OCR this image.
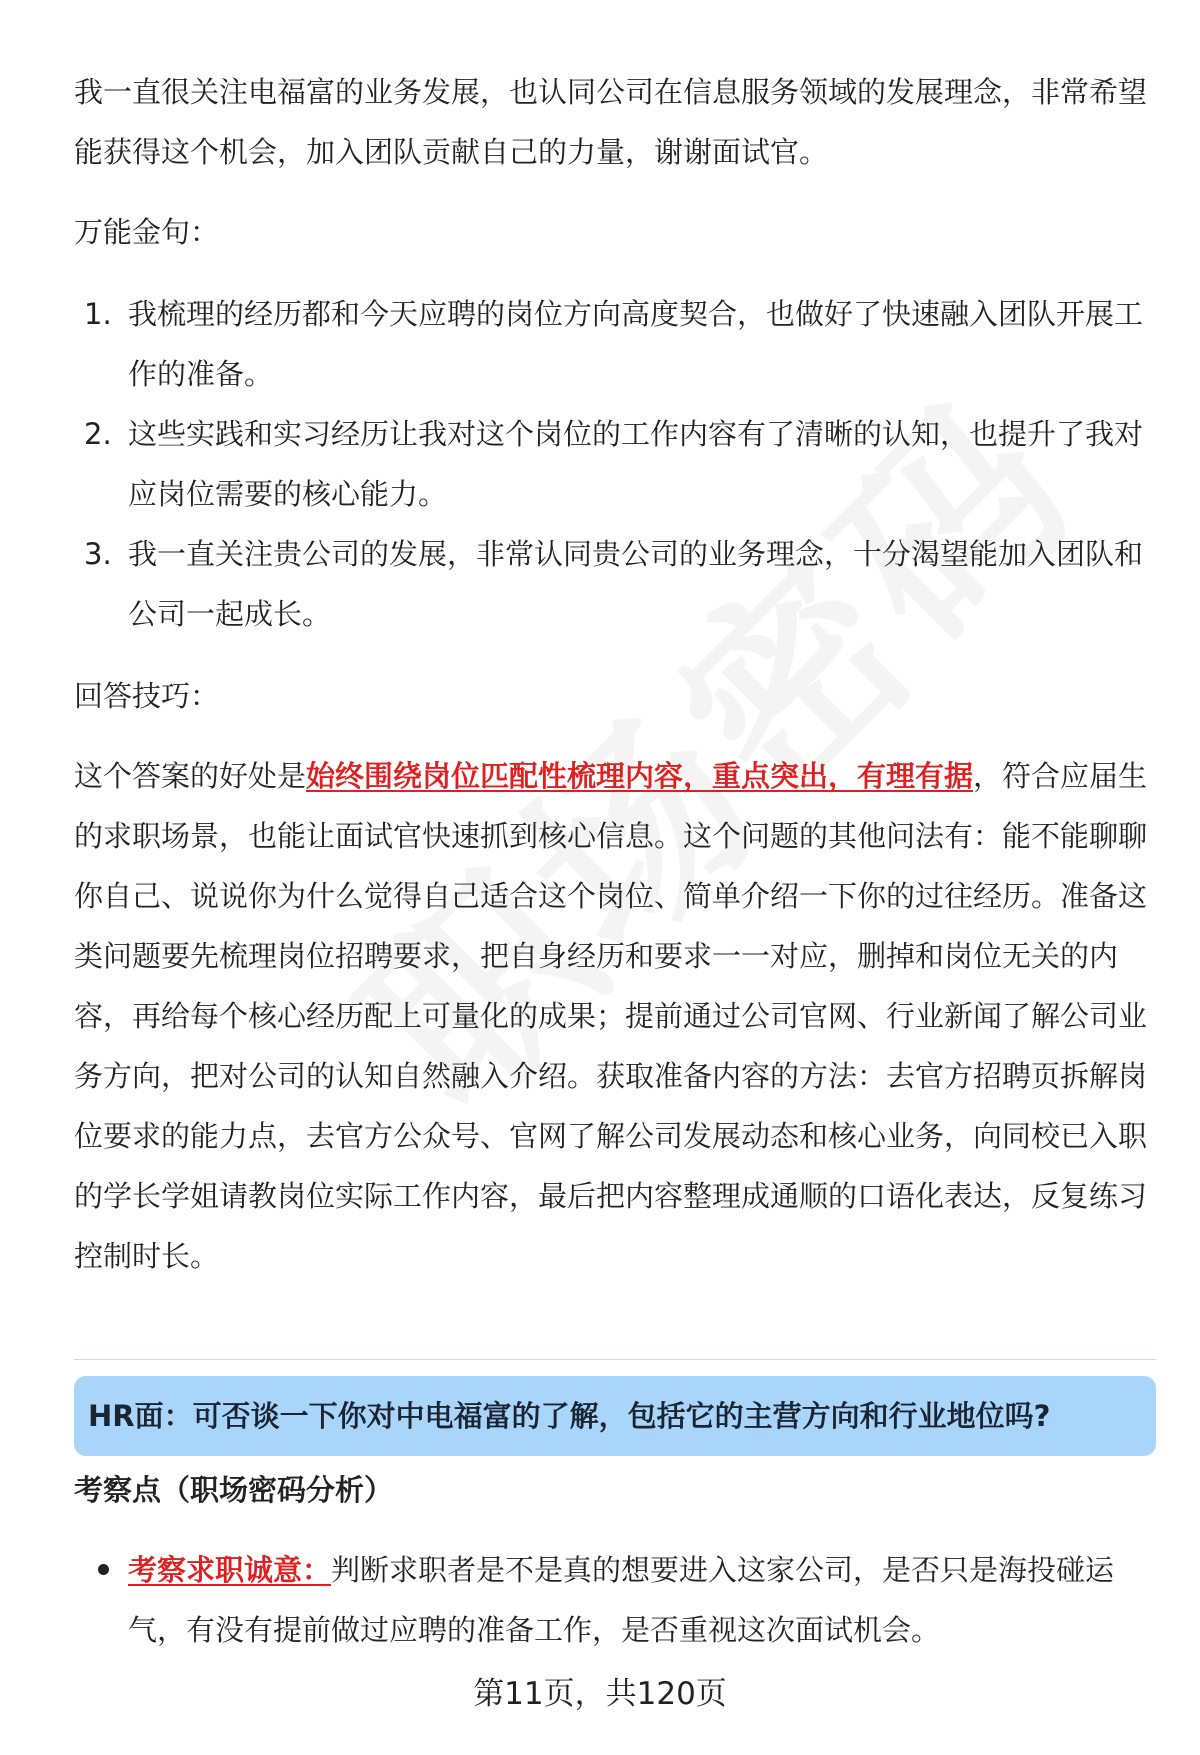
我一直很关注电福富的业务发展，也认同公司在信息服务领域的发展理念，非常希望能获得这个机会，加入团队贡献自己的力量，谢谢面试官。

万能金句：

1. 我梳理的经历都和今天应聘的岗位方向高度契合，也做好了快速融入团队开展工作的准备。
2. 这些实践和实习经历让我对这个岗位的工作内容有了清晰的认知，也提升了我对应岗位需要的核心能力。
3. 我一直关注贵公司的发展，非常认同贵公司的业务理念，十分渴望能加入团队和公司一起成长。

回答技巧：

这个答案的好处是始终围绕岗位匹配性梳理内容，重点突出，有理有据，符合应届生的求职场景，也能让面试官快速抓到核心信息。这个问题的其他问法有：能不能聊聊你自己、说说你为什么觉得自己适合这个岗位、简单介绍一下你的过往经历。准备这类问题要先梳理岗位招聘要求，把自身经历和要求一一对应，删掉和岗位无关的内容，再给每个核心经历配上可量化的成果；提前通过公司官网、行业新闻了解公司业务方向，把对公司的认知自然融入介绍。获取准备内容的方法：去官方招聘页拆解岗位要求的能力点，去官方公众号、官网了解公司发展动态和核心业务，向同校已入职的学长学姐请教岗位实际工作内容，最后把内容整理成通顺的口语化表达，反复练习控制时长。

HR面：可否谈一下你对中电福富的了解，包括它的主营方向和行业地位吗?
考察点（职场密码分析）
考察求职诚意：判断求职者是不是真的想要进入这家公司，是否只是海投碰运气，有没有提前做过应聘的准备工作，是否重视这次面试机会。
第11页，共120页
